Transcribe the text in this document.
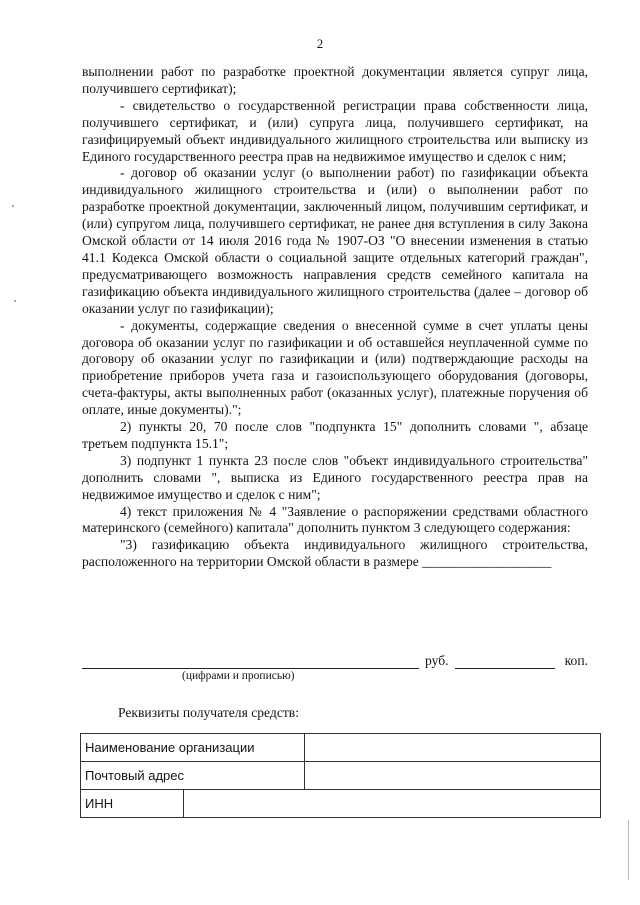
2

выполнении работ по разработке проектной документации является супруг лица, получившего сертификат);

- свидетельство о государственной регистрации права собственности лица, получившего сертификат, и (или) супруга лица, получившего сертификат, на газифицируемый объект индивидуального жилищного строительства или выписку из Единого государственного реестра прав на недвижимое имущество и сделок с ним;

- договор об оказании услуг (о выполнении работ) по газификации объекта индивидуального жилищного строительства и (или) о выполнении работ по разработке проектной документации, заключенный лицом, получившим сертификат, и (или) супругом лица, получившего сертификат, не ранее дня вступления в силу Закона Омской области от 14 июля 2016 года № 1907-ОЗ "О внесении изменения в статью 41.1 Кодекса Омской области о социальной защите отдельных категорий граждан", предусматривающего возможность направления средств семейного капитала на газификацию объекта индивидуального жилищного строительства (далее – договор об оказании услуг по газификации);

- документы, содержащие сведения о внесенной сумме в счет уплаты цены договора об оказании услуг по газификации и об оставшейся неуплаченной сумме по договору об оказании услуг по газификации и (или) подтверждающие расходы на приобретение приборов учета газа и газоиспользующего оборудования (договоры, счета-фактуры, акты выполненных работ (оказанных услуг), платежные поручения об оплате, иные документы).";

2) пункты 20, 70 после слов "подпункта 15" дополнить словами ", абзаце третьем подпункта 15.1";

3) подпункт 1 пункта 23 после слов "объект индивидуального строительства" дополнить словами ", выписка из Единого государственного реестра прав на недвижимое имущество и сделок с ним";

4) текст приложения № 4 "Заявление о распоряжении средствами областного материнского (семейного) капитала" дополнить пунктом 3 следующего содержания:

"3) газификацию объекта индивидуального жилищного строительства, расположенного на территории Омской области в размере ___________________

руб.	коп.
(цифрами и прописью)
Реквизиты получателя средств:
Наименование организации	
Почтовый адрес	
ИНН	
